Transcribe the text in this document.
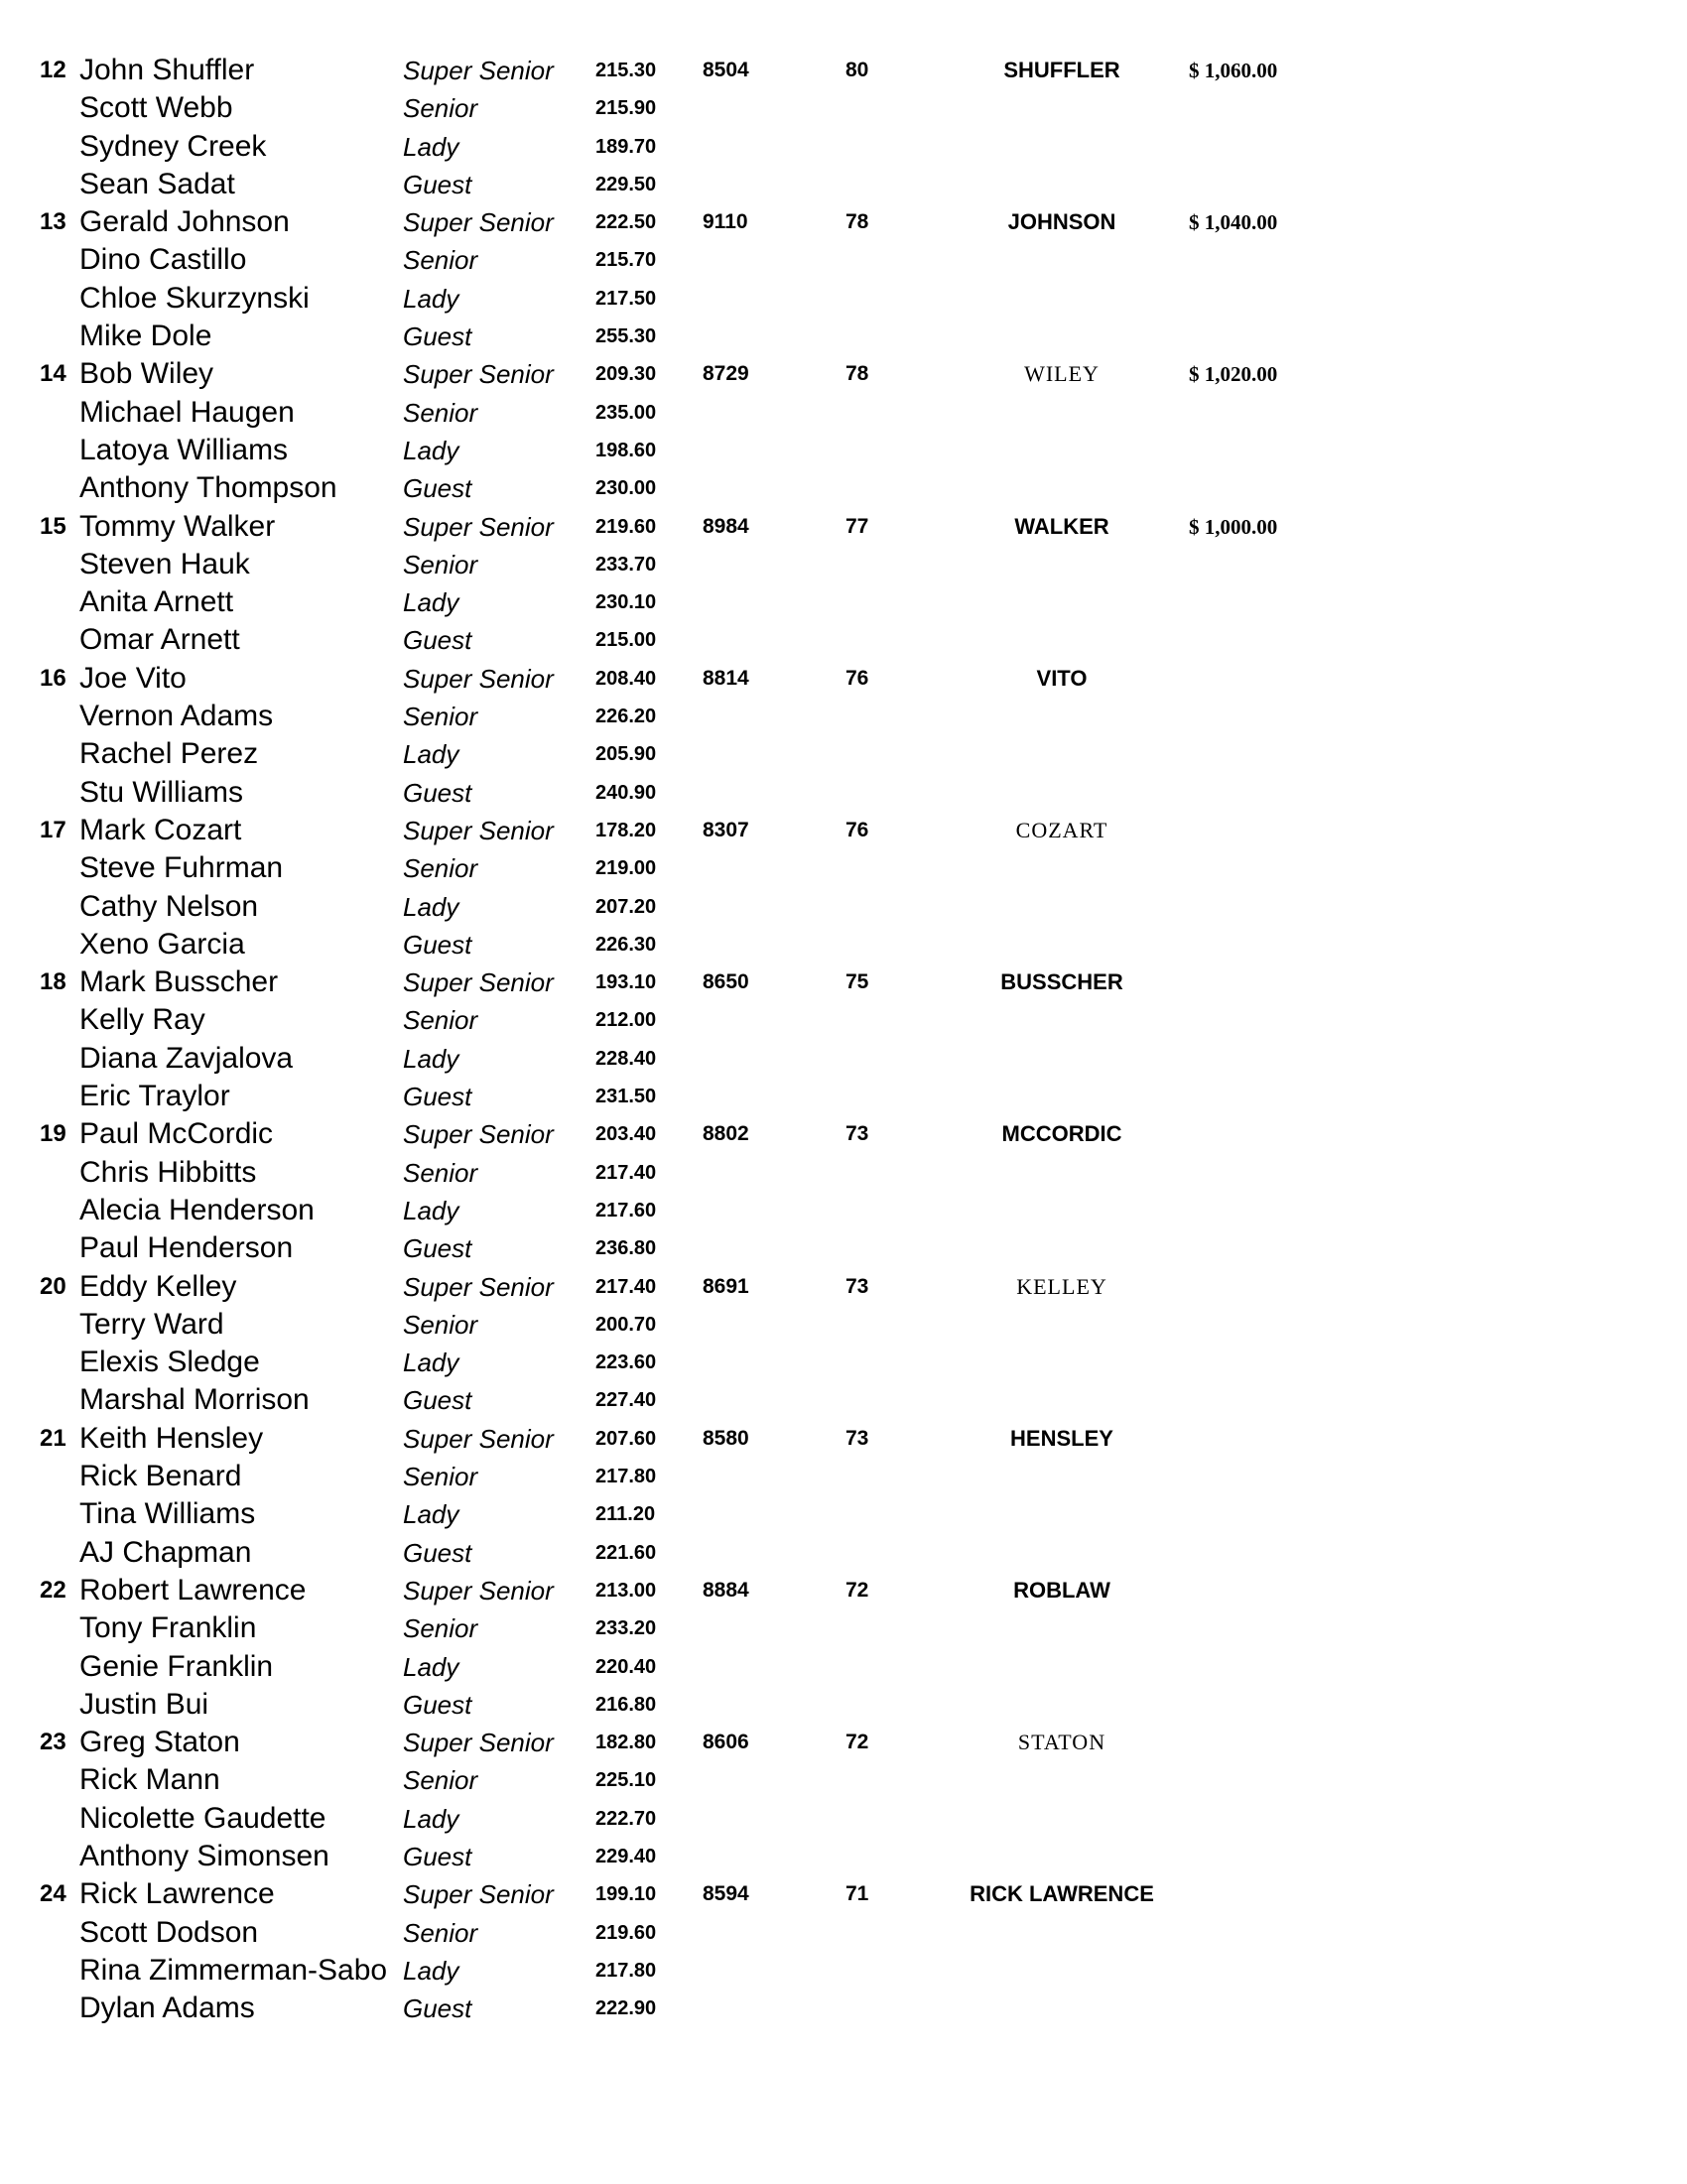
12 John Shuffler	Super Senior	215.30	8504	80	SHUFFLER	$ 1,060.00
Scott Webb	Senior	215.90
Sydney Creek	Lady	189.70
Sean Sadat	Guest	229.50
13 Gerald Johnson	Super Senior	222.50	9110	78	JOHNSON	$ 1,040.00
Dino Castillo	Senior	215.70
Chloe Skurzynski	Lady	217.50
Mike Dole	Guest	255.30
14 Bob Wiley	Super Senior	209.30	8729	78	WILEY	$ 1,020.00
Michael Haugen	Senior	235.00
Latoya Williams	Lady	198.60
Anthony Thompson	Guest	230.00
15 Tommy Walker	Super Senior	219.60	8984	77	WALKER	$ 1,000.00
Steven Hauk	Senior	233.70
Anita Arnett	Lady	230.10
Omar Arnett	Guest	215.00
16 Joe Vito	Super Senior	208.40	8814	76	VITO
Vernon Adams	Senior	226.20
Rachel Perez	Lady	205.90
Stu Williams	Guest	240.90
17 Mark Cozart	Super Senior	178.20	8307	76	COZART
Steve Fuhrman	Senior	219.00
Cathy Nelson	Lady	207.20
Xeno Garcia	Guest	226.30
18 Mark Busscher	Super Senior	193.10	8650	75	BUSSCHER
Kelly Ray	Senior	212.00
Diana Zavjalova	Lady	228.40
Eric Traylor	Guest	231.50
19 Paul McCordic	Super Senior	203.40	8802	73	MCCORDIC
Chris Hibbitts	Senior	217.40
Alecia Henderson	Lady	217.60
Paul Henderson	Guest	236.80
20 Eddy Kelley	Super Senior	217.40	8691	73	KELLEY
Terry Ward	Senior	200.70
Elexis Sledge	Lady	223.60
Marshal Morrison	Guest	227.40
21 Keith Hensley	Super Senior	207.60	8580	73	HENSLEY
Rick Benard	Senior	217.80
Tina Williams	Lady	211.20
AJ Chapman	Guest	221.60
22 Robert Lawrence	Super Senior	213.00	8884	72	ROBLAW
Tony Franklin	Senior	233.20
Genie Franklin	Lady	220.40
Justin Bui	Guest	216.80
23 Greg Staton	Super Senior	182.80	8606	72	STATON
Rick Mann	Senior	225.10
Nicolette Gaudette	Lady	222.70
Anthony Simonsen	Guest	229.40
24 Rick Lawrence	Super Senior	199.10	8594	71	RICK LAWRENCE
Scott Dodson	Senior	219.60
Rina Zimmerman-Sabo Lady	217.80
Dylan Adams	Guest	222.90
